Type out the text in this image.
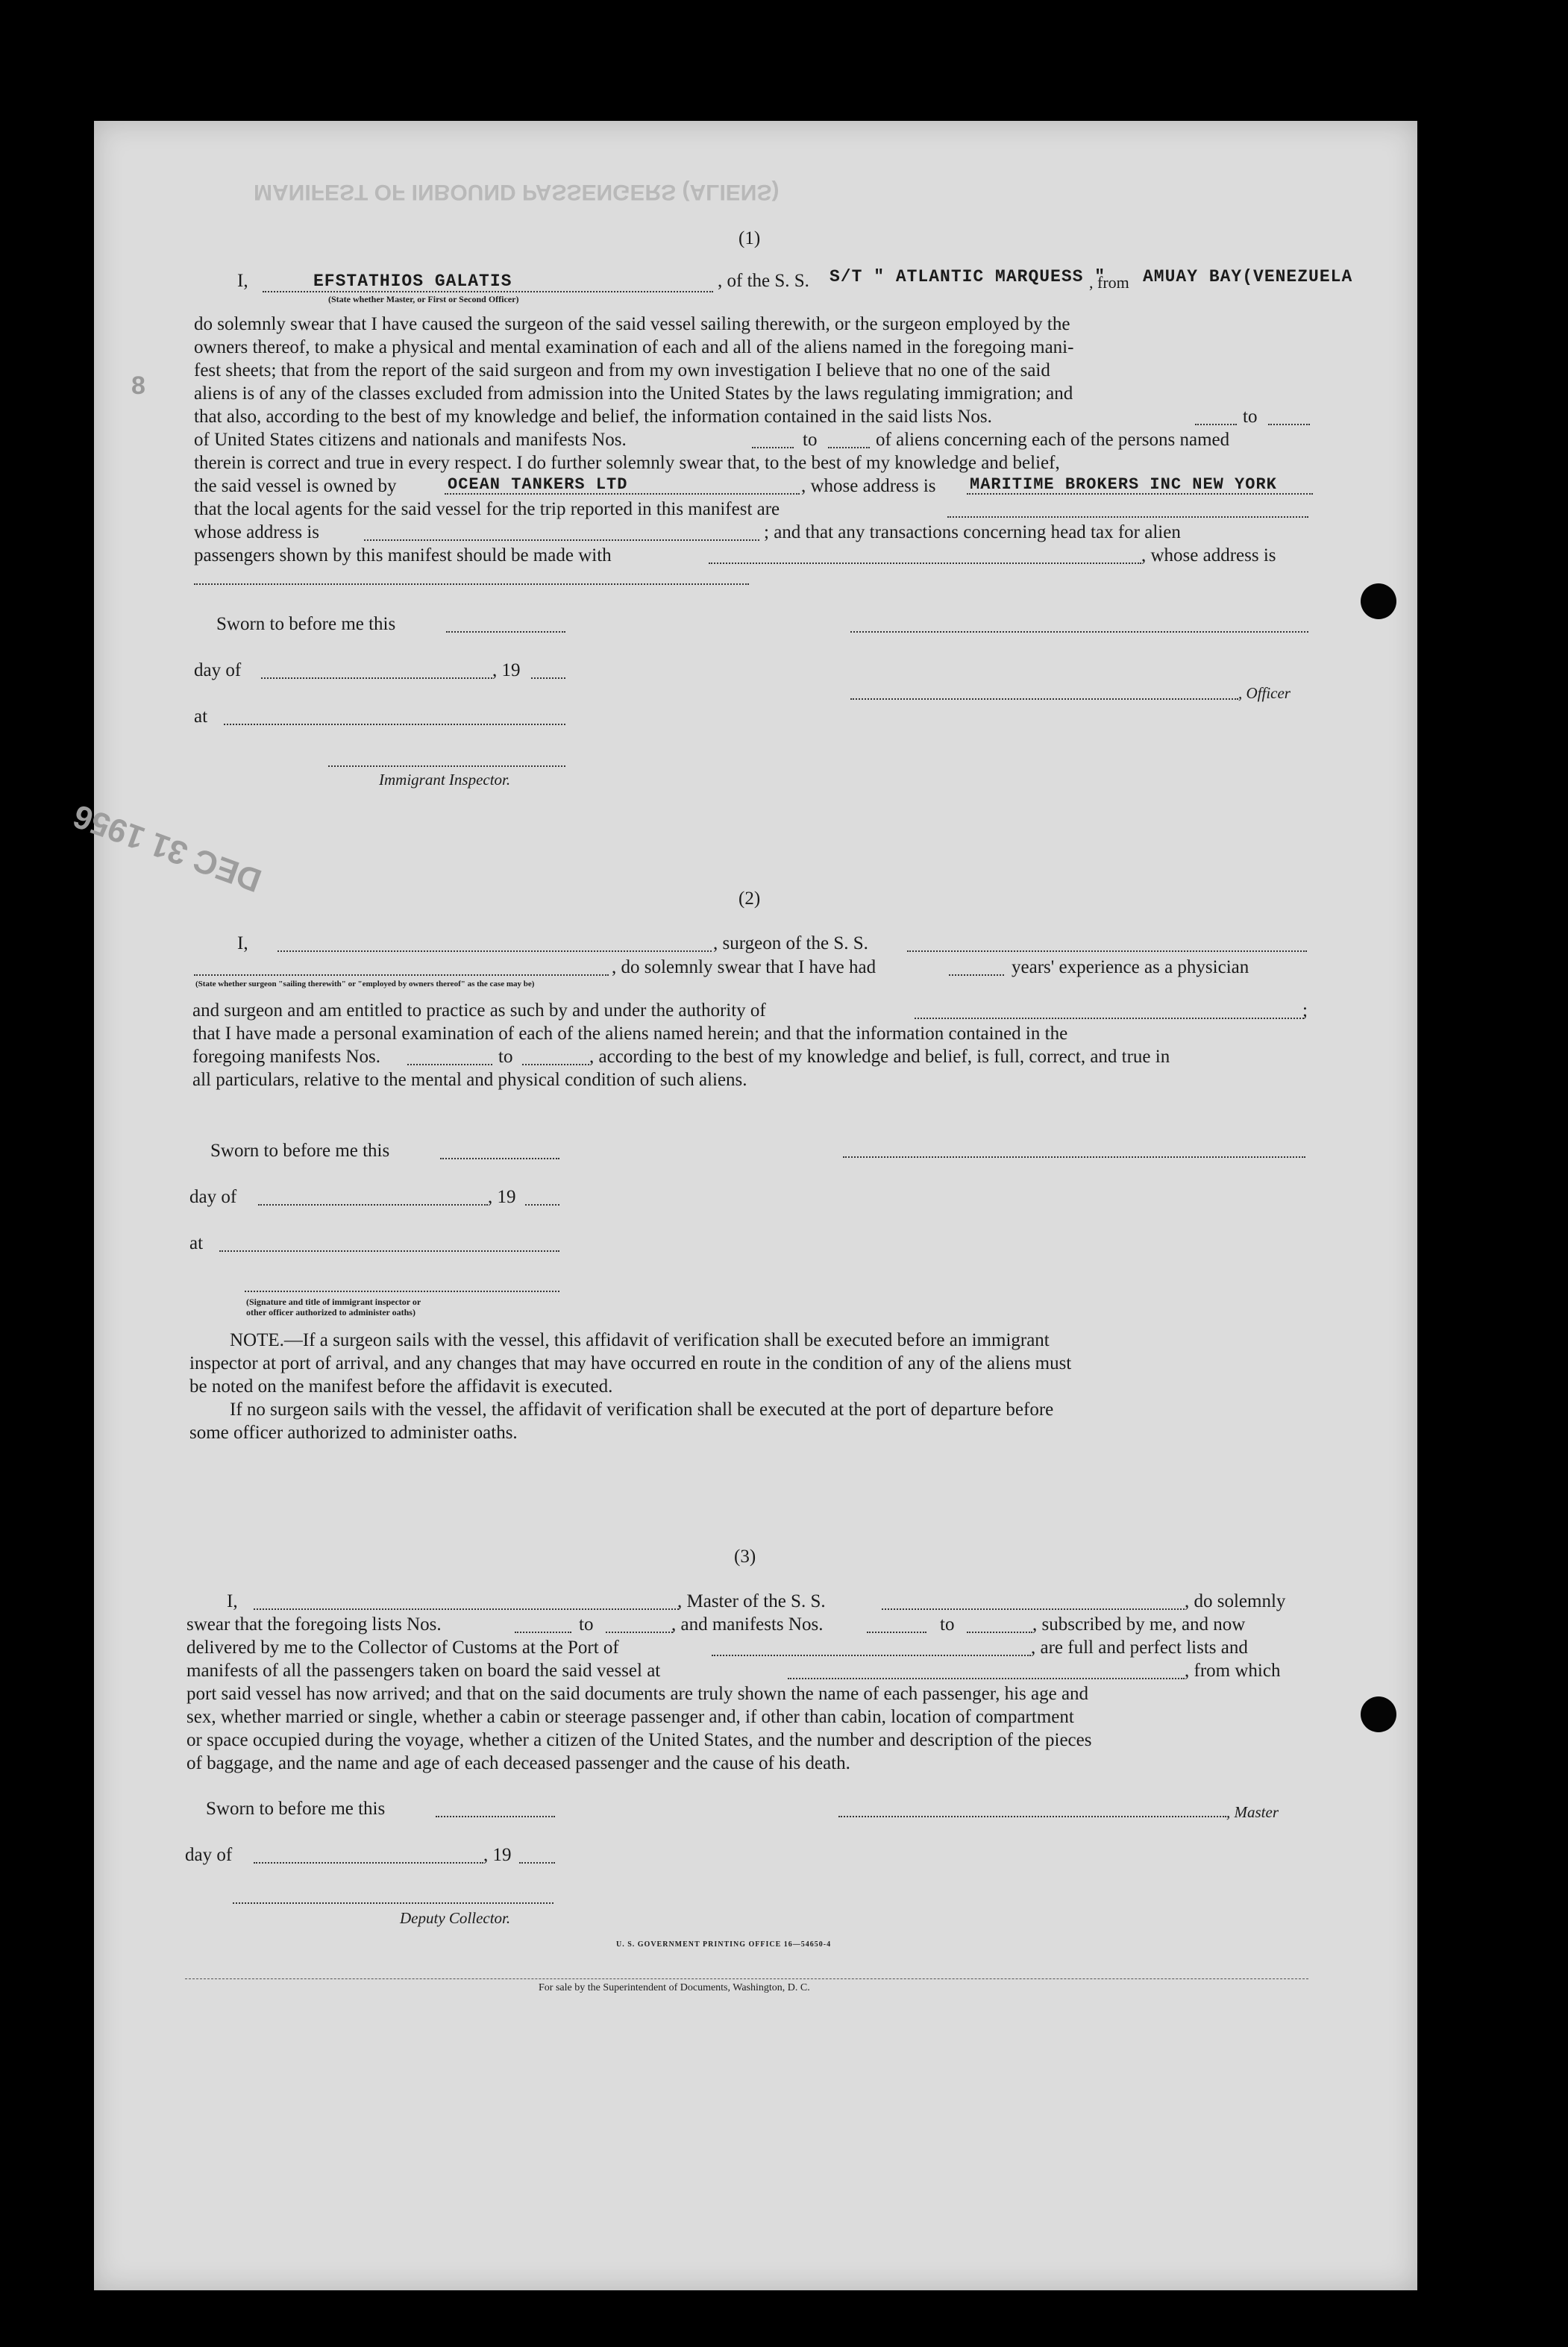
MANIFEST OF INBOUND PASSENGERS (ALIENS)
8
DEC 31 1956
(1)
I,	EFSTATHIOS GALATIS	, of the S. S. S/T " ATLANTIC MARQUESS "
, from AMUAY BAY(VENEZUELA
(State whether Master, or First or Second Officer)
do solemnly swear that I have caused the surgeon of the said vessel sailing therewith, or the surgeon employed by the
owners thereof, to make a physical and mental examination of each and all of the aliens named in the foregoing mani-
fest sheets; that from the report of the said surgeon and from my own investigation I believe that no one of the said
aliens is of any of the classes excluded from admission into the United States by the laws regulating immigration; and
that also, according to the best of my knowledge and belief, the information contained in the said lists Nos.	to
of United States citizens and nationals and manifests Nos.	to	of aliens concerning each of the persons named
therein is correct and true in every respect. I do further solemnly swear that, to the best of my knowledge and belief,
the said vessel is owned by	OCEAN TANKERS LTD	, whose address is MARITIME BROKERS INC NEW YORK
that the local agents for the said vessel for the trip reported in this manifest are
whose address is	; and that any transactions concerning head tax for alien
passengers shown by this manifest should be made with	, whose address is
Sworn to before me this
day of	, 19
, Officer
at
Immigrant Inspector.
(2)
I,	, surgeon of the S. S.
, do solemnly swear that I have had	years' experience as a physician
(State whether surgeon "sailing therewith" or "employed by owners thereof" as the case may be)
and surgeon and am entitled to practice as such by and under the authority of	;
that I have made a personal examination of each of the aliens named herein; and that the information contained in the
foregoing manifests Nos.	to	, according to the best of my knowledge and belief, is full, correct, and true in
all particulars, relative to the mental and physical condition of such aliens.
Sworn to before me this
day of	, 19
at
(Signature and title of immigrant inspector or
other officer authorized to administer oaths)
NOTE.—If a surgeon sails with the vessel, this affidavit of verification shall be executed before an immigrant
inspector at port of arrival, and any changes that may have occurred en route in the condition of any of the aliens must
be noted on the manifest before the affidavit is executed.
If no surgeon sails with the vessel, the affidavit of verification shall be executed at the port of departure before
some officer authorized to administer oaths.
(3)
I,	, Master of the S. S.	, do solemnly
swear that the foregoing lists Nos.	to	, and manifests Nos.	to	, subscribed by me, and now
delivered by me to the Collector of Customs at the Port of	, are full and perfect lists and
manifests of all the passengers taken on board the said vessel at	, from which
port said vessel has now arrived; and that on the said documents are truly shown the name of each passenger, his age and
sex, whether married or single, whether a cabin or steerage passenger and, if other than cabin, location of compartment
or space occupied during the voyage, whether a citizen of the United States, and the number and description of the pieces
of baggage, and the name and age of each deceased passenger and the cause of his death.
Sworn to before me this	, Master
day of	, 19
Deputy Collector.
U. S. GOVERNMENT PRINTING OFFICE 16—54650-4
For sale by the Superintendent of Documents, Washington, D. C.
